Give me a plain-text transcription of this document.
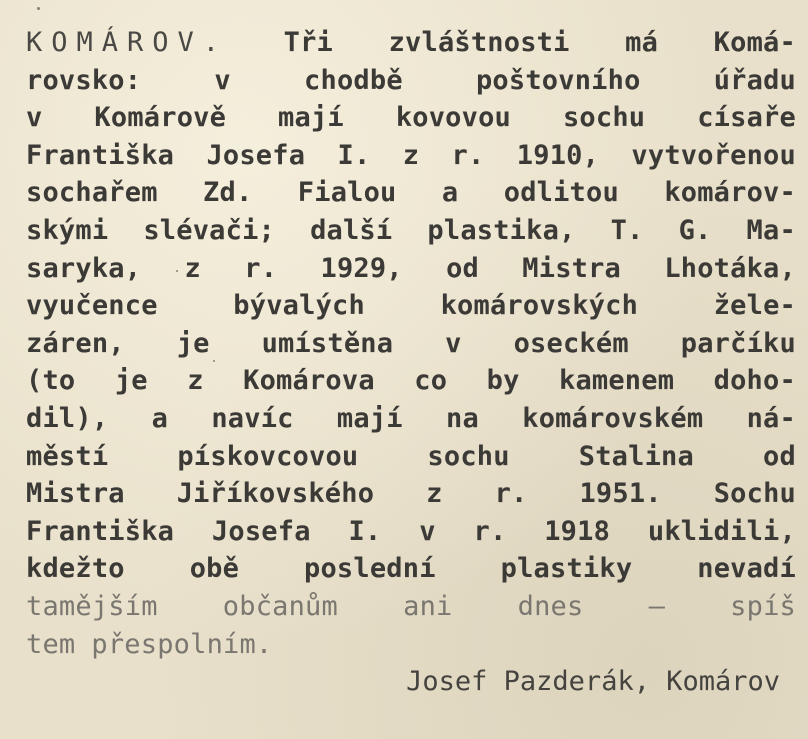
KOMÁROV. Tři zvláštnosti má Komá-
rovsko:	v	chodbě	poštovního	úřadu
v Komárově mají kovovou sochu císaře
Františka Josefa I. z r. 1910, vytvořenou
sochařem Zd. Fialou a odlitou komárov-
skými slévači; další plastika, T. G. Ma-
saryka, z r. 1929, od Mistra Lhotáka,
vyučence	bývalých	komárovských	žele-
záren, je umístěna v oseckém parčíku
(to je z Komárova co by kamenem doho-
dil), a navíc mají na komárovském ná-
městí	pískovcovou	sochu	Stalina	od
Mistra Jiříkovského z r. 1951. Sochu
Františka Josefa I. v r. 1918 uklidili,
kdežto obě poslední plastiky nevadí
tamějším občanům ani dnes — spíš
tem přespolním.
Josef Pazderák, Komárov
